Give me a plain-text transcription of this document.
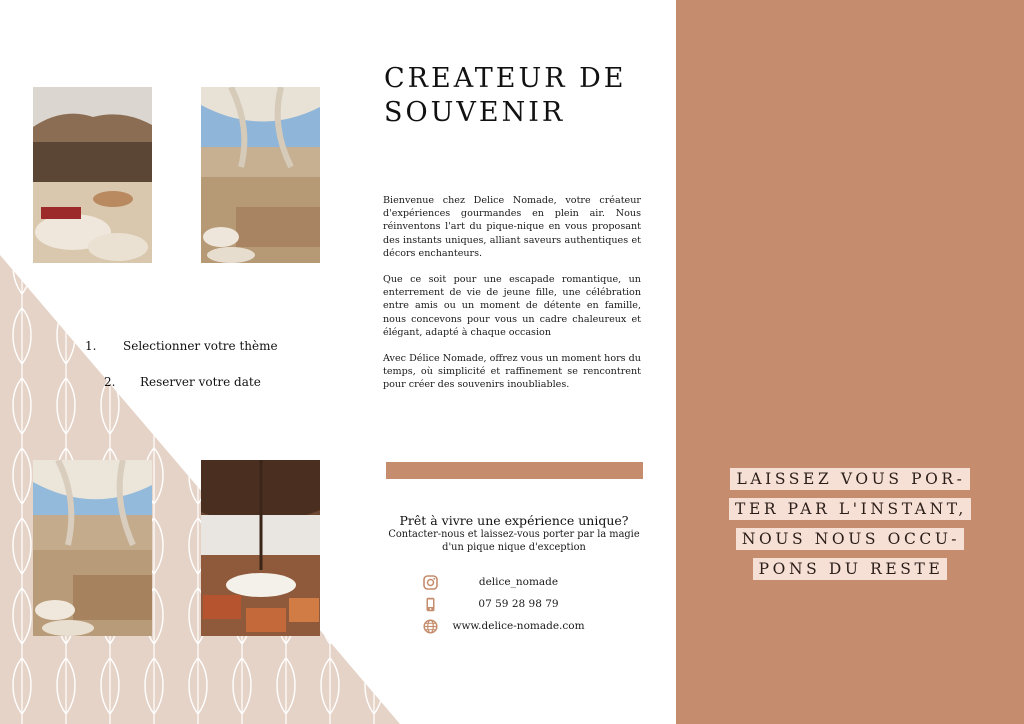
1. Selectionner votre thème
2. Reserver votre date
CREATEUR DE
SOUVENIR

Bienvenue chez Delice Nomade, votre créateur d'expériences gourmandes en plein air. Nous réinventons l'art du pique-nique en vous proposant des instants uniques, alliant saveurs authentiques et décors enchanteurs.

Que ce soit pour une escapade romantique, un enterrement de vie de jeune fille, une célébration entre amis ou un moment de détente en famille, nous concevons pour vous un cadre chaleureux et élégant, adapté à chaque occasion

Avec Délice Nomade, offrez vous un moment hors du temps, où simplicité et raffinement se rencontrent pour créer des souvenirs inoubliables.

Prêt à vivre une expérience unique?
Contacter-nous et laissez-vous porter par la magie d'un pique nique d'exception
delice_nomade
07 59 28 98 79
www.delice-nomade.com
LAISSEZ VOUS POR-
TER PAR L'INSTANT,
NOUS NOUS OCCU-
PONS DU RESTE
